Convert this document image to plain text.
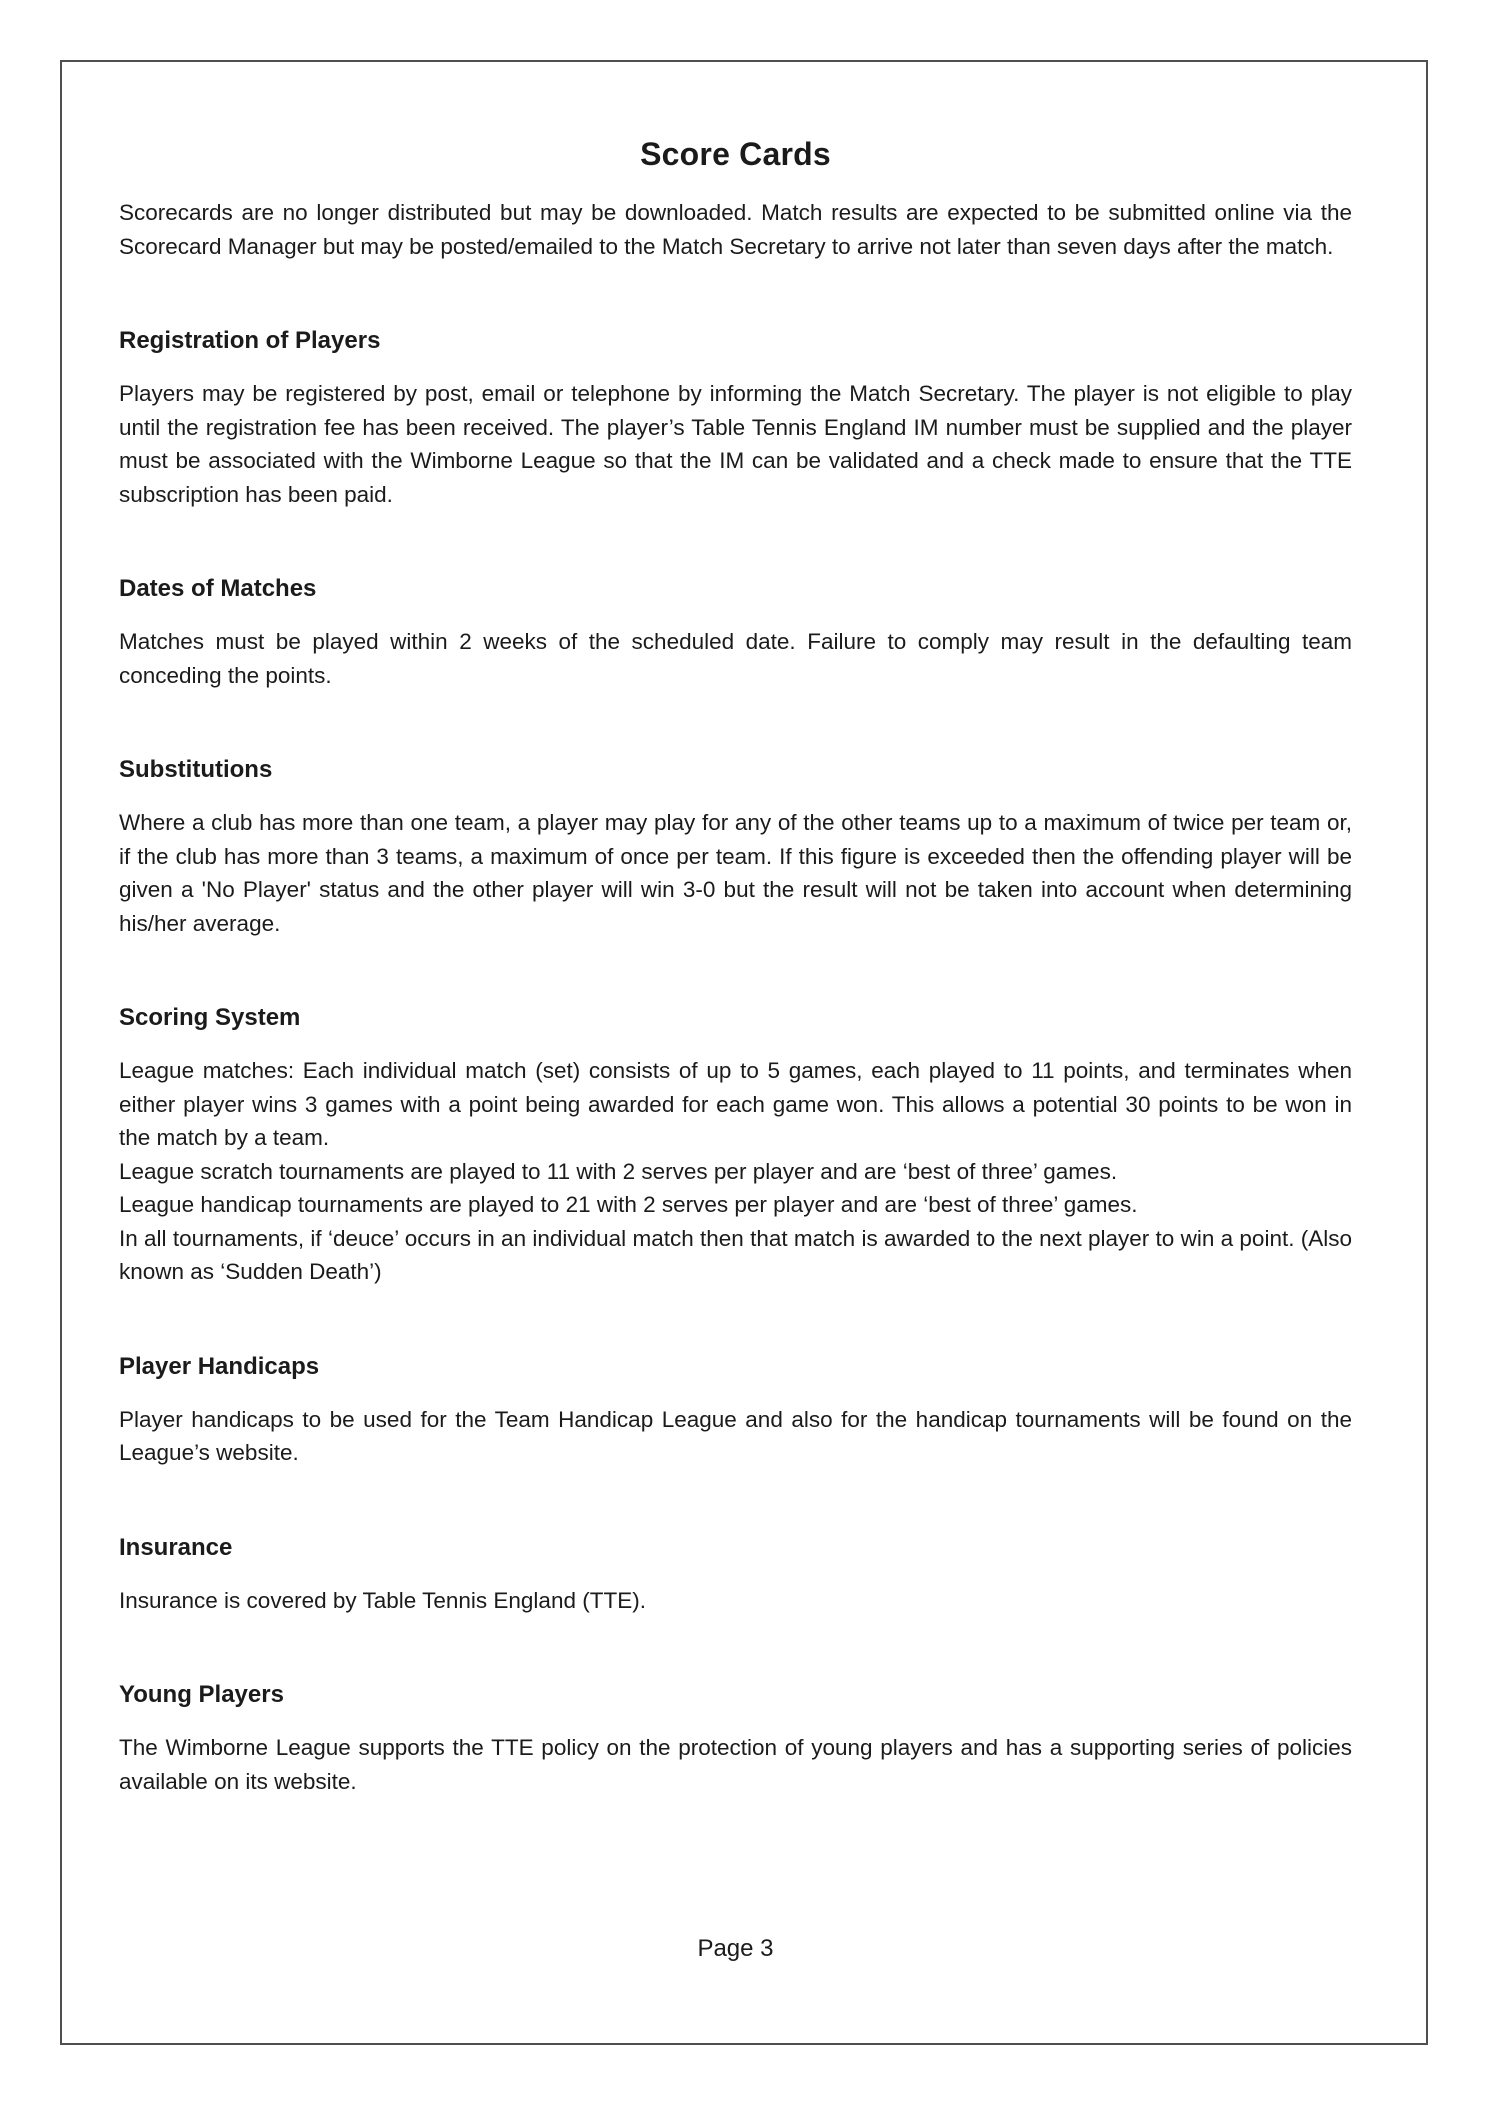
Score Cards

Scorecards are no longer distributed but may be downloaded. Match results are expected to be submitted online via the Scorecard Manager but may be posted/emailed to the Match Secretary to arrive not later than seven days after the match.

Registration of Players

Players may be registered by post, email or telephone by informing the Match Secretary. The player is not eligible to play until the registration fee has been received. The player’s Table Tennis England IM number must be supplied and the player must be associated with the Wimborne League so that the IM can be validated and a check made to ensure that the TTE subscription has been paid.

Dates of Matches

Matches must be played within 2 weeks of the scheduled date. Failure to comply may result in the defaulting team conceding the points.

Substitutions

Where a club has more than one team, a player may play for any of the other teams up to a maximum of twice per team or, if the club has more than 3 teams, a maximum of once per team. If this figure is exceeded then the offending player will be given a 'No Player' status and the other player will win 3-0 but the result will not be taken into account when determining his/her average.

Scoring System

League matches: Each individual match (set) consists of up to 5 games, each played to 11 points, and terminates when either player wins 3 games with a point being awarded for each game won. This allows a potential 30 points to be won in the match by a team.

League scratch tournaments are played to 11 with 2 serves per player and are ‘best of three’ games.

League handicap tournaments are played to 21 with 2 serves per player and are ‘best of three’ games.

In all tournaments, if ‘deuce’ occurs in an individual match then that match is awarded to the next player to win a point. (Also known as ‘Sudden Death’)

Player Handicaps

Player handicaps to be used for the Team Handicap League and also for the handicap tournaments will be found on the League’s website.

Insurance

Insurance is covered by Table Tennis England (TTE).

Young Players

The Wimborne League supports the TTE policy on the protection of young players and has a supporting series of policies available on its website.

Page 3
